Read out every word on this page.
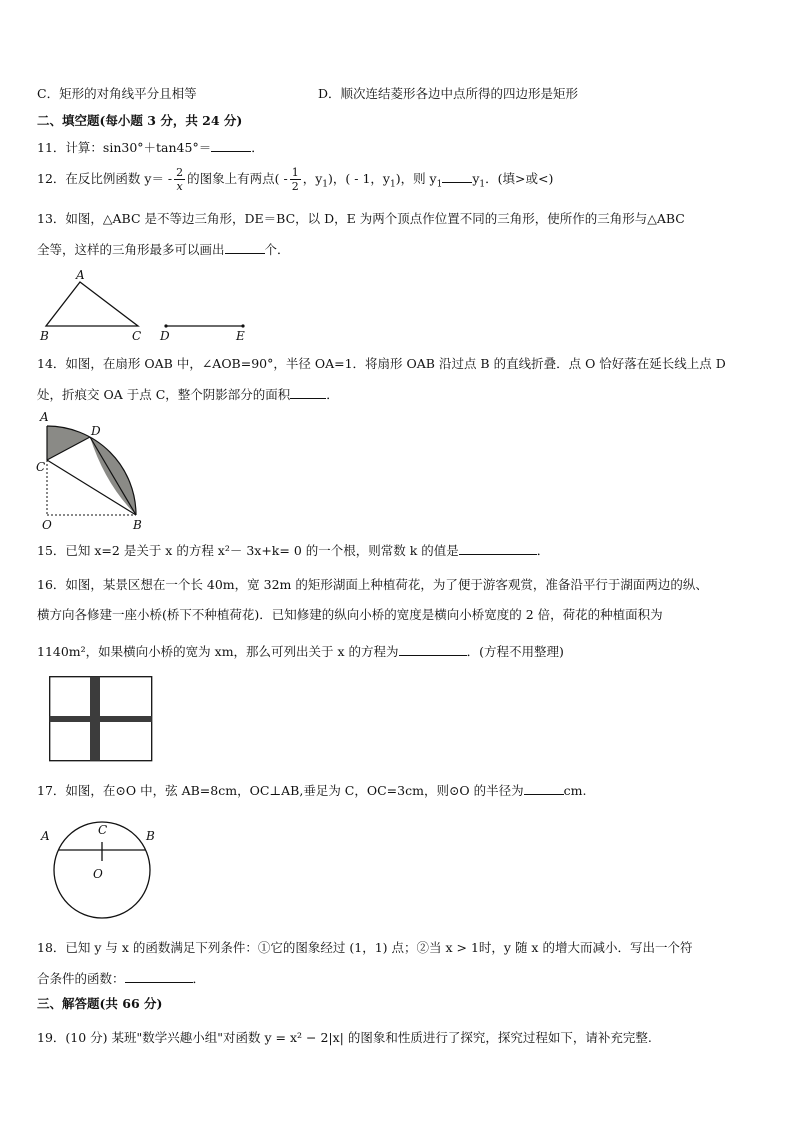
C．矩形的对角线平分且相等	D．顺次连结菱形各边中点所得的四边形是矩形
二、填空题(每小题 3 分，共 24 分)
11．计算：sin30°＋tan45°＝	．
12．在反比例函数 $y= - \frac{2}{x}$ 的图象上有两点( - $\frac{1}{2}$ ，$y_1$)，( - 1，$y_1$)，则 $y_1$ $y_1$．(填>或<)
13．如图，△ABC 是不等边三角形，DE＝BC，以 D，E 为两个顶点作位置不同的三角形，使所作的三角形与△ABC
全等，这样的三角形最多可以画出	个．
A
B	C D	E
14．如图，在扇形 OAB 中，∠AOB=90°，半径 OA=1．将扇形 OAB 沿过点 B 的直线折叠．点 O 恰好落在延长线上点 D
处，折痕交 OA 于点 C，整个阴影部分的面积	．
A
D
C
O	B
15．已知 x=2 是关于 x 的方程 x²－ 3x+k= 0 的一个根，则常数 k 的值是	．
16．如图，某景区想在一个长 40m，宽 32m 的矩形湖面上种植荷花，为了便于游客观赏，准备沿平行于湖面两边的纵、
横方向各修建一座小桥(桥下不种植荷花)．已知修建的纵向小桥的宽度是横向小桥宽度的 2 倍，荷花的种植面积为
1140m²，如果横向小桥的宽为 xm，那么可列出关于 x 的方程为	．(方程不用整理)
17．如图，在⊙O 中，弦 AB=8cm，OC⊥AB,垂足为 C，OC=3cm，则⊙O 的半径为	cm.
A	C	B
O
18．已知 y 与 x 的函数满足下列条件：①它的图象经过 (1，1) 点；②当 x > 1时，y 随 x 的增大而减小．写出一个符
合条件的函数：	．
三、解答题(共 66 分)
19．(10 分) 某班"数学兴趣小组"对函数 y = x² − 2|x| 的图象和性质进行了探究，探究过程如下，请补充完整.
